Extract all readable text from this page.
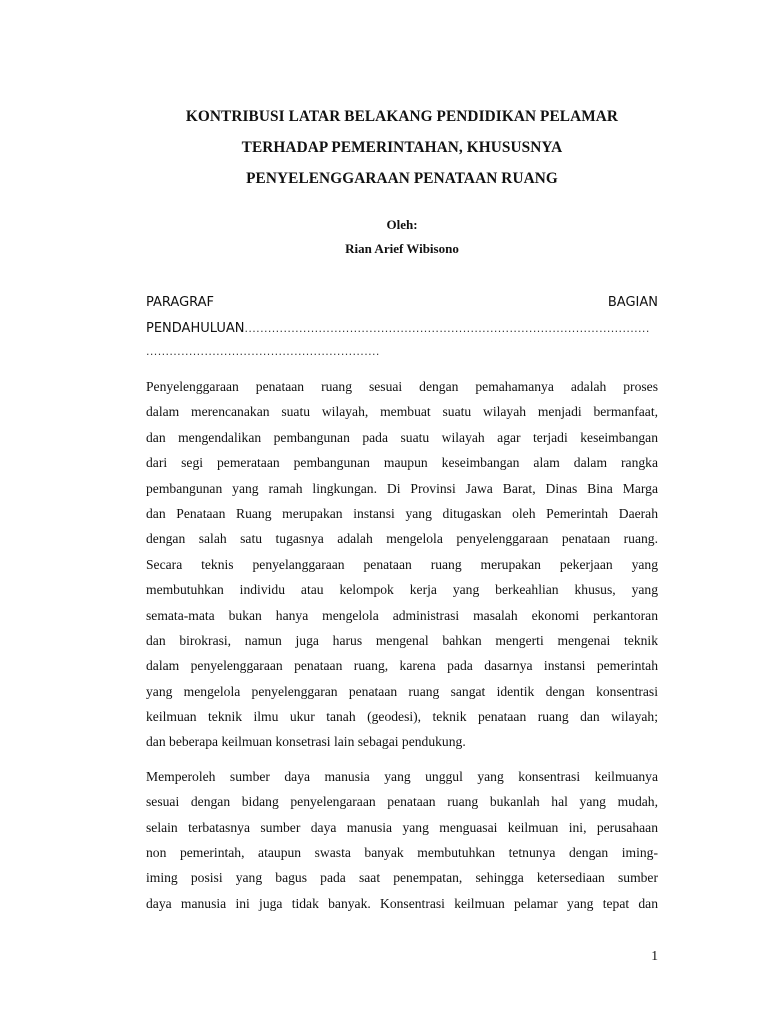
KONTRIBUSI LATAR BELAKANG PENDIDIKAN PELAMAR
TERHADAP PEMERINTAHAN, KHUSUSNYA
PENYELENGGARAAN PENATAAN RUANG
Oleh:
Rian Arief Wibisono
PARAGRAF	BAGIAN
PENDAHULUAN ........................................................................................................
............................................................
Penyelenggaraan penataan ruang sesuai dengan pemahamanya adalah proses
dalam merencanakan suatu wilayah, membuat suatu wilayah menjadi bermanfaat,
dan mengendalikan pembangunan pada suatu wilayah agar terjadi keseimbangan
dari segi pemerataan pembangunan maupun keseimbangan alam dalam rangka
pembangunan yang ramah lingkungan. Di Provinsi Jawa Barat, Dinas Bina Marga
dan Penataan Ruang merupakan instansi yang ditugaskan oleh Pemerintah Daerah
dengan salah satu tugasnya adalah mengelola penyelenggaraan penataan ruang.
Secara teknis penyelanggaraan penataan ruang merupakan pekerjaan yang
membutuhkan individu atau kelompok kerja yang berkeahlian khusus, yang
semata-mata bukan hanya mengelola administrasi masalah ekonomi perkantoran
dan birokrasi, namun juga harus mengenal bahkan mengerti mengenai teknik
dalam penyelenggaraan penataan ruang, karena pada dasarnya instansi pemerintah
yang mengelola penyelenggaran penataan ruang sangat identik dengan konsentrasi
keilmuan teknik ilmu ukur tanah (geodesi), teknik penataan ruang dan wilayah;
dan beberapa keilmuan konsetrasi lain sebagai pendukung.
Memperoleh sumber daya manusia yang unggul yang konsentrasi keilmuanya
sesuai dengan bidang penyelengaraan penataan ruang bukanlah hal yang mudah,
selain terbatasnya sumber daya manusia yang menguasai keilmuan ini, perusahaan
non pemerintah, ataupun swasta banyak membutuhkan tetnunya dengan iming-
iming posisi yang bagus pada saat penempatan, sehingga ketersediaan sumber
daya manusia ini juga tidak banyak. Konsentrasi keilmuan pelamar yang tepat dan
1
